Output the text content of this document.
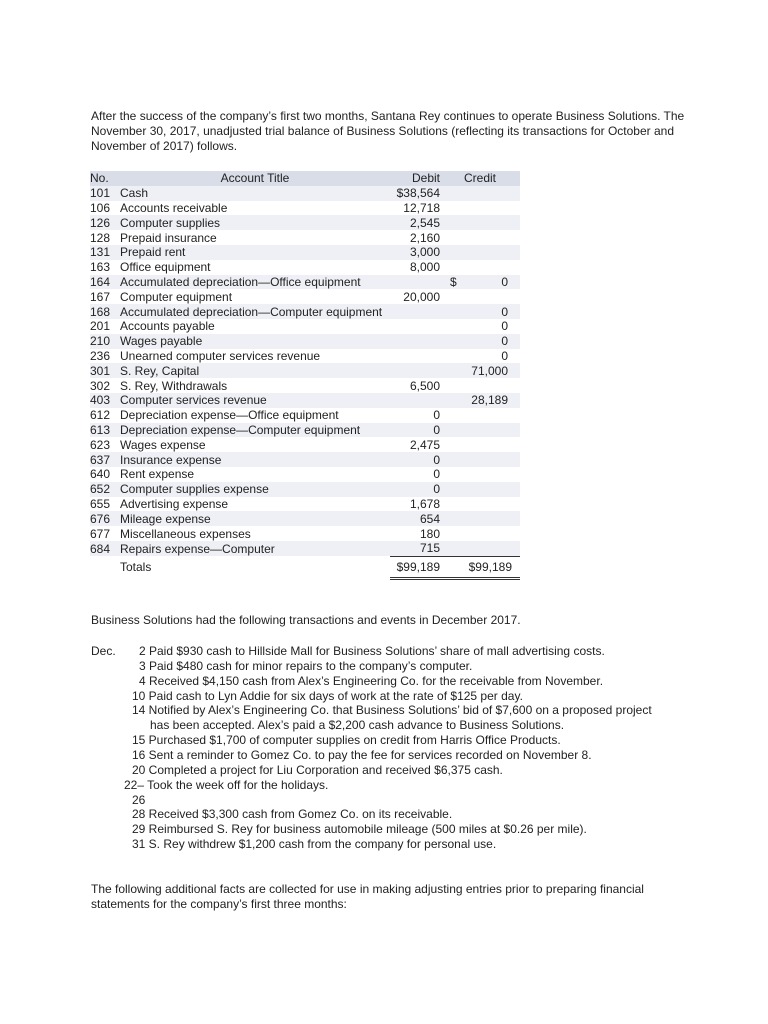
After the success of the company’s first two months, Santana Rey continues to operate Business Solutions. The November 30, 2017, unadjusted trial balance of Business Solutions (reflecting its transactions for October and November of 2017) follows.
No.	Account Title	Debit	Credit
101	Cash	$38,564	
106	Accounts receivable	12,718	
126	Computer supplies	2,545	
128	Prepaid insurance	2,160	
131	Prepaid rent	3,000	
163	Office equipment	8,000	
164	Accumulated depreciation—Office equipment		$ 0
167	Computer equipment	20,000	
168	Accumulated depreciation—Computer equipment		0
201	Accounts payable		0
210	Wages payable		0
236	Unearned computer services revenue		0
301	S. Rey, Capital		71,000
302	S. Rey, Withdrawals	6,500	
403	Computer services revenue		28,189
612	Depreciation expense—Office equipment	0	
613	Depreciation expense—Computer equipment	0	
623	Wages expense	2,475	
637	Insurance expense	0	
640	Rent expense	0	
652	Computer supplies expense	0	
655	Advertising expense	1,678	
676	Mileage expense	654	
677	Miscellaneous expenses	180	
684	Repairs expense—Computer	715	
	Totals	$99,189	$99,189
Business Solutions had the following transactions and events in December 2017.
Dec. 2 Paid $930 cash to Hillside Mall for Business Solutions’ share of mall advertising costs.
3 Paid $480 cash for minor repairs to the company’s computer.
4 Received $4,150 cash from Alex’s Engineering Co. for the receivable from November.
10 Paid cash to Lyn Addie for six days of work at the rate of $125 per day.
14 Notified by Alex’s Engineering Co. that Business Solutions’ bid of $7,600 on a proposed project
has been accepted. Alex’s paid a $2,200 cash advance to Business Solutions.
15 Purchased $1,700 of computer supplies on credit from Harris Office Products.
16 Sent a reminder to Gomez Co. to pay the fee for services recorded on November 8.
20 Completed a project for Liu Corporation and received $6,375 cash.
22– Took the week off for the holidays.
26
28 Received $3,300 cash from Gomez Co. on its receivable.
29 Reimbursed S. Rey for business automobile mileage (500 miles at $0.26 per mile).
31 S. Rey withdrew $1,200 cash from the company for personal use.
The following additional facts are collected for use in making adjusting entries prior to preparing financial statements for the company’s first three months:
